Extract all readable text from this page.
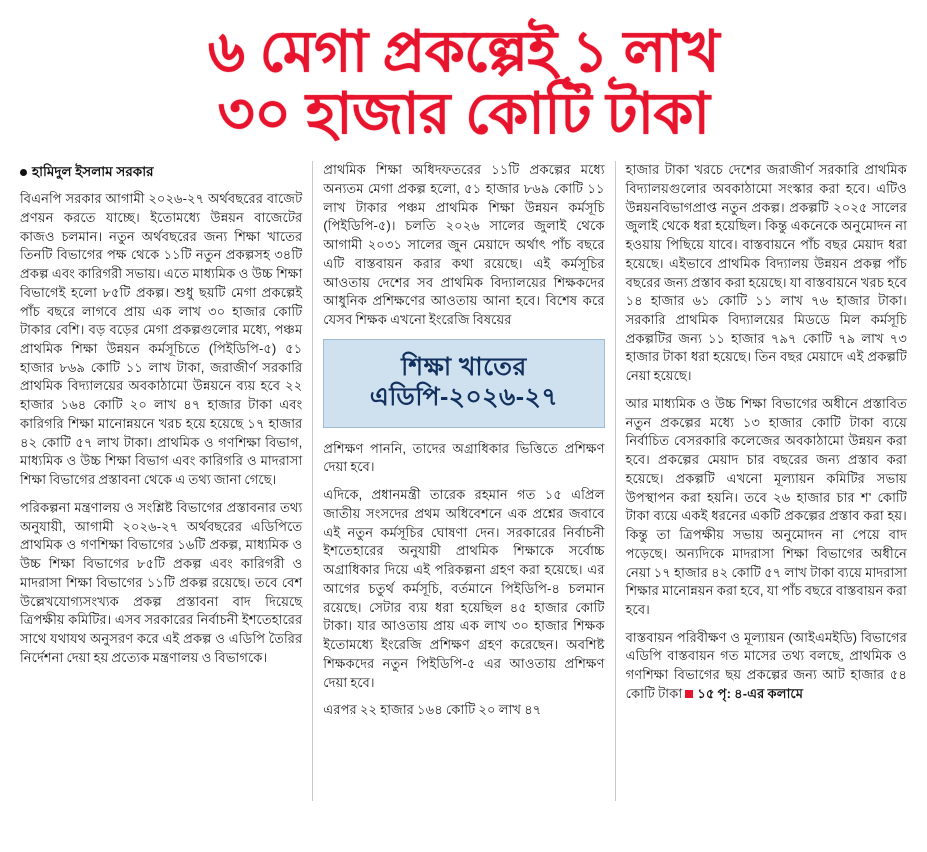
৬ মেগা প্রকল্পেই ১ লাখ
৩০ হাজার কোটি টাকা
হামিদুল ইসলাম সরকার

বিএনপি সরকার আগামী ২০২৬-২৭ অর্থবছরের বাজেট প্রণয়ন করতে যাচ্ছে। ইতোমধ্যে উন্নয়ন বাজেটের কাজও চলমান। নতুন অর্থবছরের জন্য শিক্ষা খাতের তিনটি বিভাগের পক্ষ থেকে ১১টি নতুন প্রকল্পসহ ৩৪টি প্রকল্প এবং কারিগরী সভায়। এতে মাধ্যমিক ও উচ্চ শিক্ষা বিভাগেই হলো ৮৫টি প্রকল্প। শুধু ছয়টি মেগা প্রকল্পেই পাঁচ বছরে লাগবে প্রায় এক লাখ ৩০ হাজার কোটি টাকার বেশি। বড় বড়ের মেগা প্রকল্পগুলোর মধ্যে, পঞ্চম প্রাথমিক শিক্ষা উন্নয়ন কর্মসূচিতে (পিইডিপি-৫) ৫১ হাজার ৮৬৯ কোটি ১১ লাখ টাকা, জরাজীর্ণ সরকারি প্রাথমিক বিদ্যালয়ের অবকাঠামো উন্নয়নে ব্যয় হবে ২২ হাজার ১৬৪ কোটি ২০ লাখ ৪৭ হাজার টাকা এবং কারিগরি শিক্ষা মানোন্নয়নে খরচ হয়ে হয়েছে ১৭ হাজার ৪২ কোটি ৫৭ লাখ টাকা। প্রাথমিক ও গণশিক্ষা বিভাগ, মাধ্যমিক ও উচ্চ শিক্ষা বিভাগ এবং কারিগরি ও মাদরাসা শিক্ষা বিভাগের প্রস্তাবনা থেকে এ তথ্য জানা গেছে।

পরিকল্পনা মন্ত্রণালয় ও সংশ্লিষ্ট বিভাগের প্রস্তাবনার তথ্য অনুযায়ী, আগামী ২০২৬-২৭ অর্থবছরের এডিপিতে প্রাথমিক ও গণশিক্ষা বিভাগের ১৬টি প্রকল্প, মাধ্যমিক ও উচ্চ শিক্ষা বিভাগের ৮৫টি প্রকল্প এবং কারিগরী ও মাদরাসা শিক্ষা বিভাগের ১১টি প্রকল্প রয়েছে। তবে বেশ উল্লেখযোগ্যসংখ্যক প্রকল্প প্রস্তাবনা বাদ দিয়েছে ত্রিপক্ষীয় কমিটির। এসব সরকারের নির্বাচনী ইশতেহারের সাথে যথাযথ অনুসরণ করে এই প্রকল্প ও এডিপি তৈরির নির্দেশনা দেয়া হয় প্রত্যেক মন্ত্রণালয় ও বিভাগকে।

প্রাথমিক শিক্ষা অধিদফতরের ১১টি প্রকল্পের মধ্যে অন্যতম মেগা প্রকল্প হলো, ৫১ হাজার ৮৬৯ কোটি ১১ লাখ টাকার পঞ্চম প্রাথমিক শিক্ষা উন্নয়ন কর্মসূচি (পিইডিপি-৫)। চলতি ২০২৬ সালের জুলাই থেকে আগামী ২০৩১ সালের জুন মেয়াদে অর্থাৎ পাঁচ বছরে এটি বাস্তবায়ন করার কথা রয়েছে। এই কর্মসূচির আওতায় দেশের সব প্রাথমিক বিদ্যালয়ের শিক্ষকদের আধুনিক প্রশিক্ষণের আওতায় আনা হবে। বিশেষ করে যেসব শিক্ষক এখনো ইংরেজি বিষয়ের

শিক্ষা খাতের
এডিপি-২০২৬-২৭

প্রশিক্ষণ পাননি, তাদের অগ্রাধিকার ভিত্তিতে প্রশিক্ষণ দেয়া হবে।

এদিকে, প্রধানমন্ত্রী তারেক রহমান গত ১৫ এপ্রিল জাতীয় সংসদের প্রথম অধিবেশনে এক প্রশ্নের জবাবে এই নতুন কর্মসূচির ঘোষণা দেন। সরকারের নির্বাচনী ইশতেহারের অনুযায়ী প্রাথমিক শিক্ষাকে সর্বোচ্চ অগ্রাধিকার দিয়ে এই পরিকল্পনা গ্রহণ করা হয়েছে। এর আগের চতুর্থ কর্মসূচি, বর্তমানে পিইডিপি-৪ চলমান রয়েছে। সেটার ব্যয় ধরা হয়েছিল ৪৫ হাজার কোটি টাকা। যার আওতায় প্রায় এক লাখ ৩০ হাজার শিক্ষক ইতোমধ্যে ইংরেজি প্রশিক্ষণ গ্রহণ করেছেন। অবশিষ্ট শিক্ষকদের নতুন পিইডিপি-৫ এর আওতায় প্রশিক্ষণ দেয়া হবে।

এরপর ২২ হাজার ১৬৪ কোটি ২০ লাখ ৪৭

হাজার টাকা খরচে দেশের জরাজীর্ণ সরকারি প্রাথমিক বিদ্যালয়গুলোর অবকাঠামো সংস্কার করা হবে। এটিও উন্নয়নবিভাগপ্রাপ্ত নতুন প্রকল্প। প্রকল্পটি ২০২৫ সালের জুলাই থেকে ধরা হয়েছিল। কিন্তু একনেকে অনুমোদন না হওয়ায় পিছিয়ে যাবে। বাস্তবায়নে পাঁচ বছর মেয়াদ ধরা হয়েছে। এইভাবে প্রাথমিক বিদ্যালয় উন্নয়ন প্রকল্প পাঁচ বছরের জন্য প্রস্তাব করা হয়েছে। যা বাস্তবায়নে খরচ হবে ১৪ হাজার ৬১ কোটি ১১ লাখ ৭৬ হাজার টাকা। সরকারি প্রাথমিক বিদ্যালয়ের মিডডে মিল কর্মসূচি প্রকল্পটির জন্য ১১ হাজার ৭৯৭ কোটি ৭৯ লাখ ৭৩ হাজার টাকা ধরা হয়েছে। তিন বছর মেয়াদে এই প্রকল্পটি নেয়া হয়েছে।

আর মাধ্যমিক ও উচ্চ শিক্ষা বিভাগের অধীনে প্রস্তাবিত নতুন প্রকল্পের মধ্যে ১৩ হাজার কোটি টাকা ব্যয়ে নির্বাচিত বেসরকারি কলেজের অবকাঠামো উন্নয়ন করা হবে। প্রকল্পের মেয়াদ চার বছরের জন্য প্রস্তাব করা হয়েছে। প্রকল্পটি এখনো মূল্যায়ন কমিটির সভায় উপস্থাপন করা হয়নি। তবে ২৬ হাজার চার শ' কোটি টাকা ব্যয়ে একই ধরনের একটি প্রকল্পের প্রস্তাব করা হয়। কিন্তু তা ত্রিপক্ষীয় সভায় অনুমোদন না পেয়ে বাদ পড়েছে। অন্যদিকে মাদরাসা শিক্ষা বিভাগের অধীনে নেয়া ১৭ হাজার ৪২ কোটি ৫৭ লাখ টাকা ব্যয়ে মাদরাসা শিক্ষার মানোন্নয়ন করা হবে, যা পাঁচ বছরে বাস্তবায়ন করা হবে।

বাস্তবায়ন পরিবীক্ষণ ও মূল্যায়ন (আইএমইডি) বিভাগের এডিপি বাস্তবায়ন গত মাসের তথ্য বলছে, প্রাথমিক ও গণশিক্ষা বিভাগের ছয় প্রকল্পের জন্য আট হাজার ৫৪ কোটি টাকা ১৫ পৃ: ৪-এর কলামে
